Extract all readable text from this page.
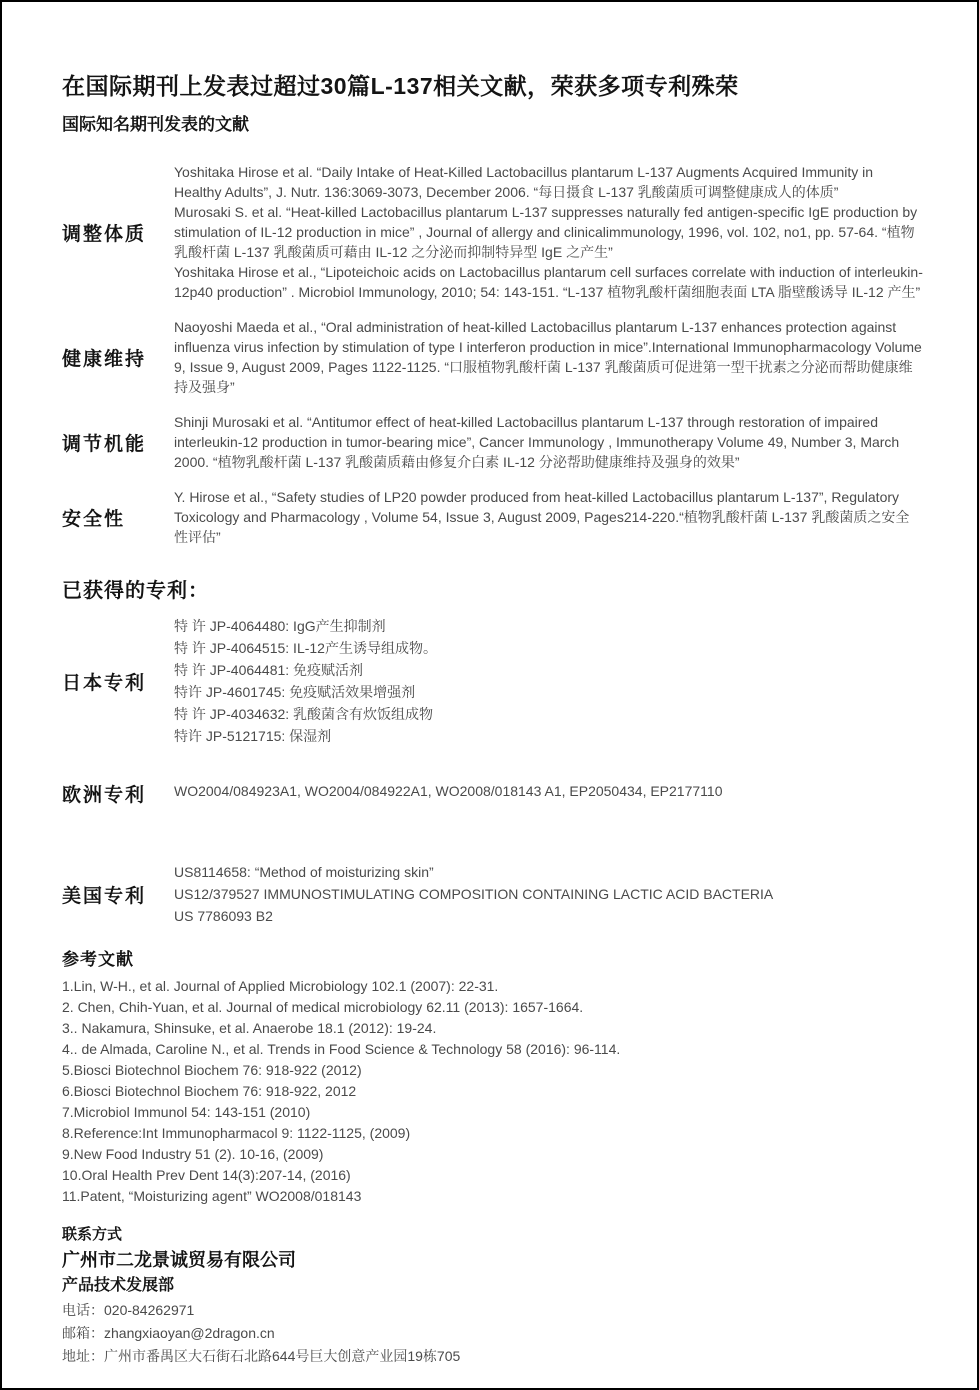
在国际期刊上发表过超过30篇L-137相关文献，荣获多项专利殊荣
国际知名期刊发表的文献
调整体质

Yoshitaka Hirose et al. “Daily Intake of Heat-Killed Lactobacillus plantarum L-137 Augments Acquired Immunity in Healthy Adults”, J. Nutr. 136:3069-3073, December 2006. “每日摄食 L-137 乳酸菌质可调整健康成人的体质”

Murosaki S. et al. “Heat-killed Lactobacillus plantarum L-137 suppresses naturally fed antigen-specific IgE production by stimulation of IL-12 production in mice” , Journal of allergy and clinicalimmunology, 1996, vol. 102, no1, pp. 57-64. “植物乳酸杆菌 L-137 乳酸菌质可藉由 IL-12 之分泌而抑制特异型 IgE 之产生”

Yoshitaka Hirose et al., “Lipoteichoic acids on Lactobacillus plantarum cell surfaces correlate with induction of interleukin-12p40 production” . Microbiol Immunology, 2010; 54: 143-151. “L-137 植物乳酸杆菌细胞表面 LTA 脂壁酸诱导 IL-12 产生”

健康维持

Naoyoshi Maeda et al., “Oral administration of heat-killed Lactobacillus plantarum L-137 enhances protection against influenza virus infection by stimulation of type I interferon production in mice”.International Immunopharmacology Volume 9, Issue 9, August 2009, Pages 1122-1125. “口服植物乳酸杆菌 L-137 乳酸菌质可促进第一型干扰素之分泌而帮助健康维持及强身”

调节机能

Shinji Murosaki et al. “Antitumor effect of heat-killed Lactobacillus plantarum L-137 through restoration of impaired interleukin-12 production in tumor-bearing mice”, Cancer Immunology , Immunotherapy Volume 49, Number 3, March 2000. “植物乳酸杆菌 L-137 乳酸菌质藉由修复介白素 IL-12 分泌帮助健康维持及强身的效果”

安全性

Y. Hirose et al., “Safety studies of LP20 powder produced from heat-killed Lactobacillus plantarum L-137”, Regulatory Toxicology and Pharmacology , Volume 54, Issue 3, August 2009, Pages214-220.“植物乳酸杆菌 L-137 乳酸菌质之安全性评估”

已获得的专利：
日本专利

特 许 JP-4064480: IgG产生抑制剂

特 许 JP-4064515: IL-12产生诱导组成物。

特 许 JP-4064481: 免疫赋活剂

特许 JP-4601745: 免疫赋活效果增强剂

特 许 JP-4034632: 乳酸菌含有炊饭组成物

特许 JP-5121715: 保湿剂

欧洲专利	WO2004/084923A1, WO2004/084922A1, WO2008/018143 A1, EP2050434, EP2177110

美国专利

US8114658: “Method of moisturizing skin”

US12/379527 IMMUNOSTIMULATING COMPOSITION CONTAINING LACTIC ACID BACTERIA

US 7786093 B2

参考文献

1.Lin, W-H., et al. Journal of Applied Microbiology 102.1 (2007): 22-31.

2. Chen, Chih-Yuan, et al. Journal of medical microbiology 62.11 (2013): 1657-1664.

3.. Nakamura, Shinsuke, et al. Anaerobe 18.1 (2012): 19-24.

4.. de Almada, Caroline N., et al. Trends in Food Science & Technology 58 (2016): 96-114.

5.Biosci Biotechnol Biochem 76: 918-922 (2012)

6.Biosci Biotechnol Biochem 76: 918-922, 2012

7.Microbiol Immunol 54: 143-151 (2010)

8.Reference:Int Immunopharmacol 9: 1122-1125, (2009)

9.New Food Industry 51 (2). 10-16, (2009)

10.Oral Health Prev Dent 14(3):207-14, (2016)

11.Patent, “Moisturizing agent” WO2008/018143

联系方式

广州市二龙景诚贸易有限公司

产品技术发展部

电话：020-84262971

邮箱：zhangxiaoyan@2dragon.cn

地址：广州市番禺区大石街石北路644号巨大创意产业园19栋705
